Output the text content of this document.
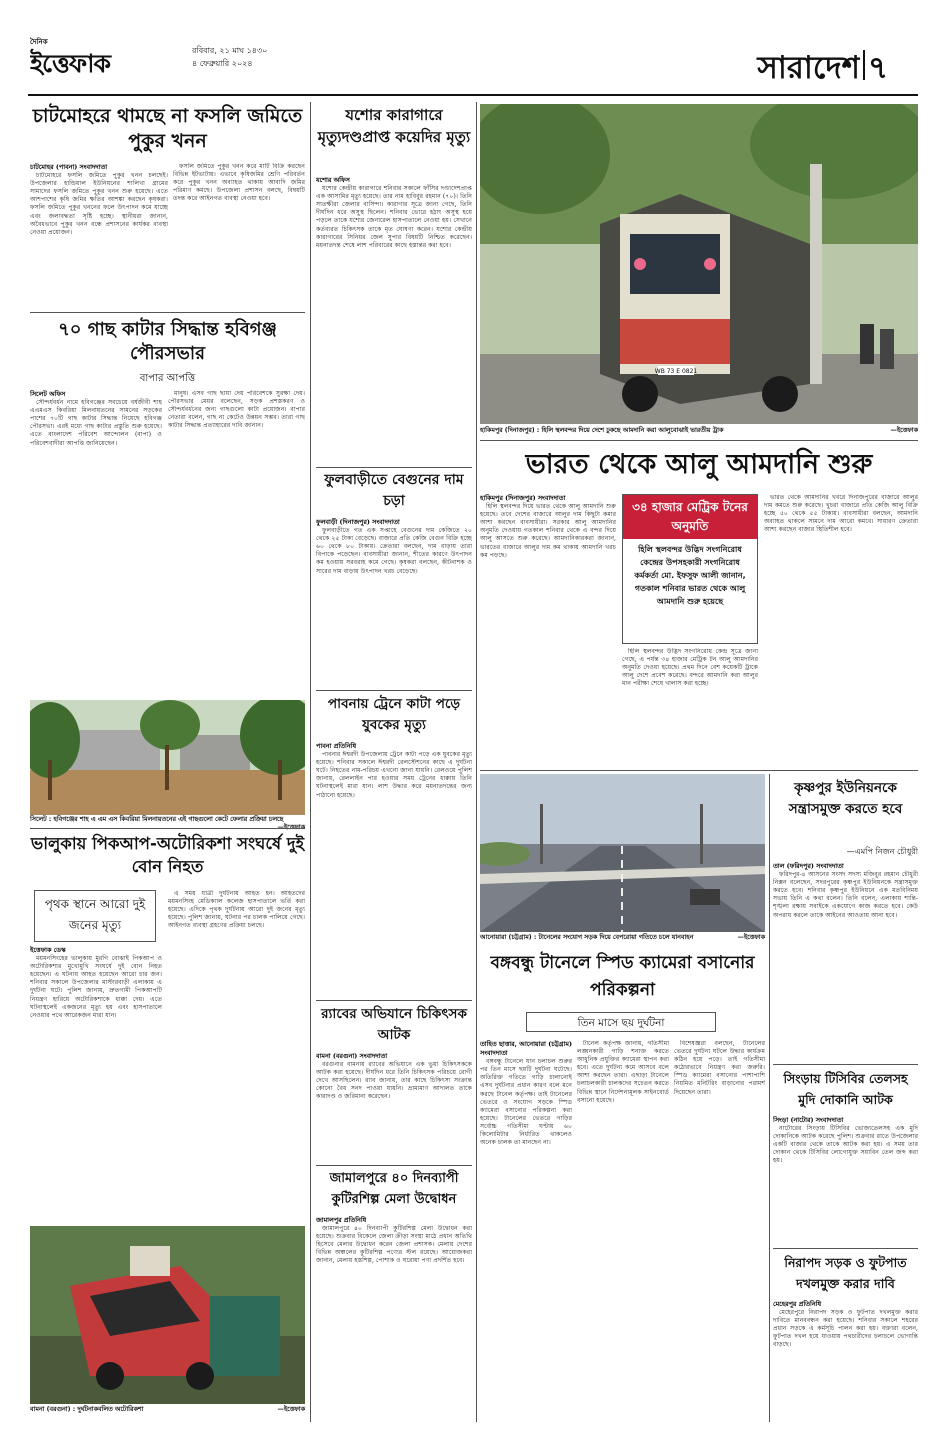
দৈনিক
ইত্তেফাক	রবিবার, ২১ মাঘ ১৪৩০
৪ ফেব্রুয়ারি ২০২৪	সারাদেশ ৭
চাটমোহরে থামছে না ফসলি জমিতে পুকুর খনন
চাটমোহর (পাবনা) সংবাদদাতা

চাটমোহরে ফসলি জমিতে পুকুর খনন চলছেই। উপজেলার হান্ডিয়াল ইউনিয়নের শালিখা গ্রামের সামাদের ফসলি জমিতে পুকুর খনন শুরু হয়েছে। এতে আশপাশের কৃষি জমির ক্ষতির আশঙ্কা করছেন কৃষকরা। ফসলি জমিতে পুকুর খননের ফলে উৎপাদন কমে যাচ্ছে এবং জলাবদ্ধতা সৃষ্টি হচ্ছে। স্থানীয়রা জানান, অবৈধভাবে পুকুর খনন বন্ধে প্রশাসনের কার্যকর ব্যবস্থা নেওয়া প্রয়োজন।

ফসলি জমিতে পুকুর খনন করে মাটি বিক্রি করছেন বিভিন্ন ইটভাটায়। এভাবে কৃষিজমির শ্রেণি পরিবর্তন করে পুকুর খনন অব্যাহত থাকায় আবাদি জমির পরিমাণ কমছে। উপজেলা প্রশাসন বলছে, বিষয়টি তদন্ত করে আইনগত ব্যবস্থা নেওয়া হবে।

৭০ গাছ কাটার সিদ্ধান্ত হবিগঞ্জ পৌরসভার
বাপার আপত্তি
সিলেট অফিস

সৌন্দর্যবর্ধন নামে হবিগঞ্জের সবচেয়ে বর্ষজীবী শাহ এএমএস কিবরিয়া মিলনায়তনের সামনের সড়কের পাশের ৭০টি গাছ কাটার সিদ্ধান্ত নিয়েছে হবিগঞ্জ পৌরসভা। এরই মধ্যে গাছ কাটার প্রস্তুতি শুরু হয়েছে। এতে বাংলাদেশ পরিবেশ আন্দোলন (বাপা) ও পরিবেশবাদীরা আপত্তি জানিয়েছেন।

মানুষ। এসব গাছ ছায়া দেয় পরিবেশকে সুরক্ষা দেয়। পৌরসভার মেয়র বলেছেন, সড়ক প্রশস্তকরণ ও সৌন্দর্যবর্ধনের জন্য গাছগুলো কাটা প্রয়োজন। বাপার নেতারা বলেন, গাছ না কেটেও উন্নয়ন সম্ভব। তারা গাছ কাটার সিদ্ধান্ত প্রত্যাহারের দাবি জানান।

সিলেট : হবিগঞ্জের শাহ এ এম এস কিবরিয়া মিলনায়তনের এই গাছগুলো কেটে ফেলার প্রক্রিয়া চলছে
ভালুকায় পিকআপ-অটোরিকশা সংঘর্ষে দুই বোন নিহত
পৃথক স্থানে আরো দুই জনের মৃত্যু
ইত্তেফাক ডেস্ক

ময়মনসিংহের ভালুকায় মুরগি বোঝাই পিকআপ ও অটোরিকশার মুখোমুখি সংঘর্ষে দুই বোন নিহত হয়েছেন। এ ঘটনায় আহত হয়েছেন আরো চার জন। শনিবার সকালে উপজেলার মাস্টারবাড়ী এলাকায় এ দুর্ঘটনা ঘটে। পুলিশ জানায়, দ্রুতগামী পিকআপটি নিয়ন্ত্রণ হারিয়ে অটোরিকশাকে ধাক্কা দেয়। এতে ঘটনাস্থলেই একজনের মৃত্যু হয় এবং হাসপাতালে নেওয়ার পথে আরেকজন মারা যান।

এ সময় যাত্রী দুর্ঘটনায় আহত হন। আহতদের ময়মনসিংহ মেডিক্যাল কলেজ হাসপাতালে ভর্তি করা হয়েছে। এদিকে পৃথক দুর্ঘটনায় আরো দুই জনের মৃত্যু হয়েছে। পুলিশ জানায়, ঘটনার পর চালক পালিয়ে গেছে। আইনগত ব্যবস্থা গ্রহণের প্রক্রিয়া চলছে।

বামনা (বরগুনা) : দুর্ঘটনাকবলিত অটোরিকশা	—ইত্তেফাক
যশোর কারাগারে মৃত্যুদণ্ডপ্রাপ্ত কয়েদির মৃত্যু
যশোর অফিস

যশোর কেন্দ্রীয় কারাগারে শনিবার সকালে ফাঁসির দণ্ডাদেশপ্রাপ্ত এক আসামির মৃত্যু হয়েছে। তার নাম হাবিবুর রহমান (৭০)। তিনি সাতক্ষীরা জেলার বাসিন্দা। কারাগার সূত্রে জানা গেছে, তিনি দীর্ঘদিন ধরে অসুস্থ ছিলেন। শনিবার ভোরে হঠাৎ অসুস্থ হয়ে পড়লে তাকে যশোর জেনারেল হাসপাতালে নেওয়া হয়। সেখানে কর্তব্যরত চিকিৎসক তাকে মৃত ঘোষণা করেন। যশোর কেন্দ্রীয় কারাগারের সিনিয়র জেল সুপার বিষয়টি নিশ্চিত করেছেন। ময়নাতদন্ত শেষে লাশ পরিবারের কাছে হস্তান্তর করা হবে।

ফুলবাড়ীতে বেগুনের দাম চড়া
ফুলবাড়ী (দিনাজপুর) সংবাদদাতা

ফুলবাড়ীতে গত এক সপ্তাহে বেগুনের দাম কেজিতে ২০ থেকে ২৫ টাকা বেড়েছে। বাজারে প্রতি কেজি বেগুন বিক্রি হচ্ছে ৬০ থেকে ৮০ টাকায়। ক্রেতারা বলছেন, দাম বাড়ায় তারা বিপাকে পড়েছেন। ব্যবসায়ীরা জানান, শীতের কারণে উৎপাদন কম হওয়ায় সরবরাহ কমে গেছে। কৃষকরা বলছেন, কীটনাশক ও সারের দাম বাড়ায় উৎপাদন খরচ বেড়েছে।

পাবনায় ট্রেনে কাটা পড়ে যুবকের মৃত্যু
পাবনা প্রতিনিধি

পাবনার ঈশ্বরদী উপজেলায় ট্রেনে কাটা পড়ে এক যুবকের মৃত্যু হয়েছে। শনিবার সকালে ঈশ্বরদী রেলস্টেশনের কাছে এ দুর্ঘটনা ঘটে। নিহতের নাম-পরিচয় এখনো জানা যায়নি। রেলওয়ে পুলিশ জানায়, রেললাইন পার হওয়ার সময় ট্রেনের ধাক্কায় তিনি ঘটনাস্থলেই মারা যান। লাশ উদ্ধার করে ময়নাতদন্তের জন্য পাঠানো হয়েছে।

র‍্যাবের অভিযানে চিকিৎসক আটক
বামনা (বরগুনা) সংবাদদাতা

বরগুনার বামনায় র‍্যাবের অভিযানে এক ভুয়া চিকিৎসককে আটক করা হয়েছে। দীর্ঘদিন ধরে তিনি চিকিৎসক পরিচয়ে রোগী দেখে আসছিলেন। র‍্যাব জানায়, তার কাছে চিকিৎসা সংক্রান্ত কোনো বৈধ সনদ পাওয়া যায়নি। ভ্রাম্যমাণ আদালত তাকে কারাদণ্ড ও জরিমানা করেছেন।

জামালপুরে ৪০ দিনব্যাপী কুটিরশিল্প মেলা উদ্বোধন
জামালপুর প্রতিনিধি

জামালপুরে ৪০ দিনব্যাপী কুটিরশিল্প মেলা উদ্বোধন করা হয়েছে। শুক্রবার বিকেলে জেলা ক্রীড়া সংস্থা মাঠে প্রধান অতিথি হিসেবে মেলার উদ্বোধন করেন জেলা প্রশাসক। মেলায় দেশের বিভিন্ন অঞ্চলের কুটিরশিল্প পণ্যের স্টল রয়েছে। আয়োজকরা জানান, মেলায় হস্তশিল্প, পোশাক ও ঘরোয়া পণ্য প্রদর্শিত হবে।

WB 73 E 0821
হাকিমপুর (দিনাজপুর) : হিলি স্থলবন্দর দিয়ে দেশে ঢুকছে আমদানি করা আলুবোঝাই ভারতীয় ট্রাক	—ইত্তেফাক
ভারত থেকে আলু আমদানি শুরু
হাকিমপুর (দিনাজপুর) সংবাদদাতা

হিলি স্থলবন্দর দিয়ে ভারত থেকে আলু আমদানি শুরু হয়েছে। তবে দেশের বাজারে আলুর দাম কিছুটা কমার আশা করছেন ব্যবসায়ীরা। সরকার আলু আমদানির অনুমতি দেওয়ায় গতকাল শনিবার থেকে এ বন্দর দিয়ে আলু আসতে শুরু করেছে। আমদানিকারকরা জানান, ভারতের বাজারে আলুর দাম কম থাকায় আমদানি খরচ কম পড়ছে।

৩৪ হাজার মেট্রিক টনের অনুমতি
হিলি স্থলবন্দর উদ্ভিদ সংগনিরোধ কেন্দ্রের উপসহকারী সংগনিরোধ কর্মকর্তা মো. ইফসুফ আলী জানান, গতকাল শনিবার ভারত থেকে আলু আমদানি শুরু হয়েছে

হিলি স্থলবন্দর উদ্ভিদ সংগনিরোধ কেন্দ্র সূত্রে জানা গেছে, এ পর্যন্ত ৩৪ হাজার মেট্রিক টন আলু আমদানির অনুমতি দেওয়া হয়েছে। প্রথম দিনে বেশ কয়েকটি ট্রাকে আলু দেশে প্রবেশ করেছে। বন্দরে আমদানি করা আলুর মান পরীক্ষা শেষে খালাস করা হচ্ছে।

ভারত থেকে আমদানির খবরে দিনাজপুরের বাজারে আলুর দাম কমতে শুরু করেছে। খুচরা বাজারে প্রতি কেজি আলু বিক্রি হচ্ছে ৫০ থেকে ৫৫ টাকায়। ব্যবসায়ীরা বলছেন, আমদানি অব্যাহত থাকলে সামনে দাম আরো কমবে। সাধারণ ক্রেতারা আশা করছেন বাজার স্থিতিশীল হবে।

আনোয়ারা (চট্টগ্রাম) : টানেলের সংযোগ সড়ক দিয়ে বেপরোয়া গতিতে চলে যানবাহন	—ইত্তেফাক
বঙ্গবন্ধু টানেলে স্পিড ক্যামেরা বসানোর পরিকল্পনা
তিন মাসে ছয় দুর্ঘটনা
তাহিত ছাত্তার, আনোয়ারা (চট্টগ্রাম) সংবাদদাতা

বঙ্গবন্ধু টানেলে যান চলাচল শুরুর পর তিন মাসে ছয়টি দুর্ঘটনা ঘটেছে। অতিরিক্ত গতিতে গাড়ি চালানোই এসব দুর্ঘটনার প্রধান কারণ বলে মনে করছে টানেল কর্তৃপক্ষ। তাই টানেলের ভেতরে ও সংযোগ সড়কে স্পিড ক্যামেরা বসানোর পরিকল্পনা করা হয়েছে। টানেলের ভেতরে গাড়ির সর্বোচ্চ গতিসীমা ঘণ্টায় ৬০ কিলোমিটার নির্ধারিত থাকলেও অনেক চালক তা মানছেন না।

টানেল কর্তৃপক্ষ জানায়, গতিসীমা লঙ্ঘনকারী গাড়ি শনাক্ত করতে আধুনিক প্রযুক্তির ক্যামেরা স্থাপন করা হবে। এতে দুর্ঘটনা কমে আসবে বলে আশা করছেন তারা। এছাড়া টানেলে চলাচলকারী চালকদের সচেতন করতে বিভিন্ন স্থানে নির্দেশনামূলক সাইনবোর্ড বসানো হয়েছে।

বিশেষজ্ঞরা বলছেন, টানেলের ভেতরে দুর্ঘটনা ঘটলে উদ্ধার কার্যক্রম কঠিন হয়ে পড়ে। তাই গতিসীমা কঠোরভাবে নিয়ন্ত্রণ করা জরুরি। স্পিড ক্যামেরা বসানোর পাশাপাশি নিয়মিত মনিটরিং বাড়ানোর পরামর্শ দিয়েছেন তারা।

কৃষ্ণপুর ইউনিয়নকে সন্ত্রাসমুক্ত করতে হবে
—এমপি নিজন চৌধুরী
তাল (ফরিদপুর) সংবাদদাতা

ফরিদপুর-৪ আসনের সংসদ সদস্য মজিবুর রহমান চৌধুরী নিক্সন বলেছেন, সদরপুরের কৃষ্ণপুর ইউনিয়নকে সন্ত্রাসমুক্ত করতে হবে। শনিবার কৃষ্ণপুর ইউনিয়নে এক মতবিনিময় সভায় তিনি এ কথা বলেন। তিনি বলেন, এলাকায় শান্তি-শৃঙ্খলা রক্ষায় সবাইকে একযোগে কাজ করতে হবে। কেউ অপরাধ করলে তাকে আইনের আওতায় আনা হবে।

সিংড়ায় টিসিবির তেলসহ মুদি দোকানি আটক
সিংড়া (নাটোর) সংবাদদাতা

নাটোরের সিংড়ায় টিসিবির ভোজ্যতেলসহ এক মুদি দোকানিকে আটক করেছে পুলিশ। শুক্রবার রাতে উপজেলার একটি বাজার থেকে তাকে আটক করা হয়। এ সময় তার দোকান থেকে টিসিবির লোগোযুক্ত সয়াবিন তেল জব্দ করা হয়।

নিরাপদ সড়ক ও ফুটপাত দখলমুক্ত করার দাবি
মেহেরপুর প্রতিনিধি

মেহেরপুরে নিরাপদ সড়ক ও ফুটপাত দখলমুক্ত করার দাবিতে মানববন্ধন করা হয়েছে। শনিবার সকালে শহরের প্রধান সড়কে এ কর্মসূচি পালন করা হয়। বক্তারা বলেন, ফুটপাত দখল হয়ে যাওয়ায় পথচারীদের চলাচলে ভোগান্তি বাড়ছে।
